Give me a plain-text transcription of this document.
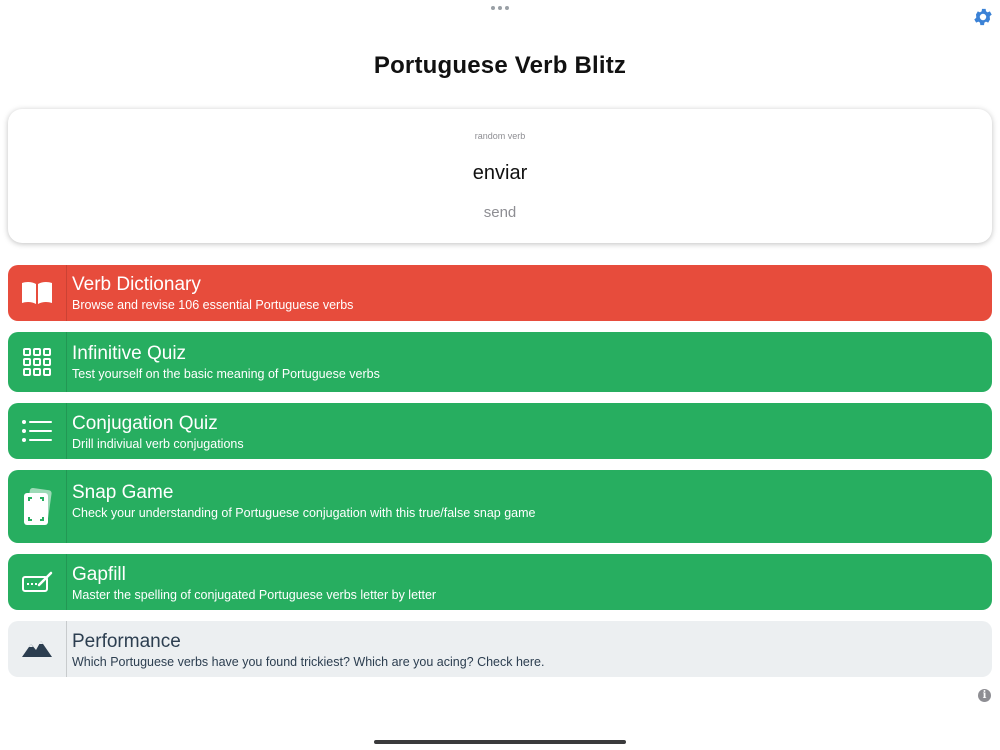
Portuguese Verb Blitz
random verb
enviar
send
Verb Dictionary
Browse and revise 106 essential Portuguese verbs
Infinitive Quiz
Test yourself on the basic meaning of Portuguese verbs
Conjugation Quiz
Drill indiviual verb conjugations
Snap Game
Check your understanding of Portuguese conjugation with this true/false snap game
Gapfill
Master the spelling of conjugated Portuguese verbs letter by letter
Performance
Which Portuguese verbs have you found trickiest? Which are you acing? Check here.
i
